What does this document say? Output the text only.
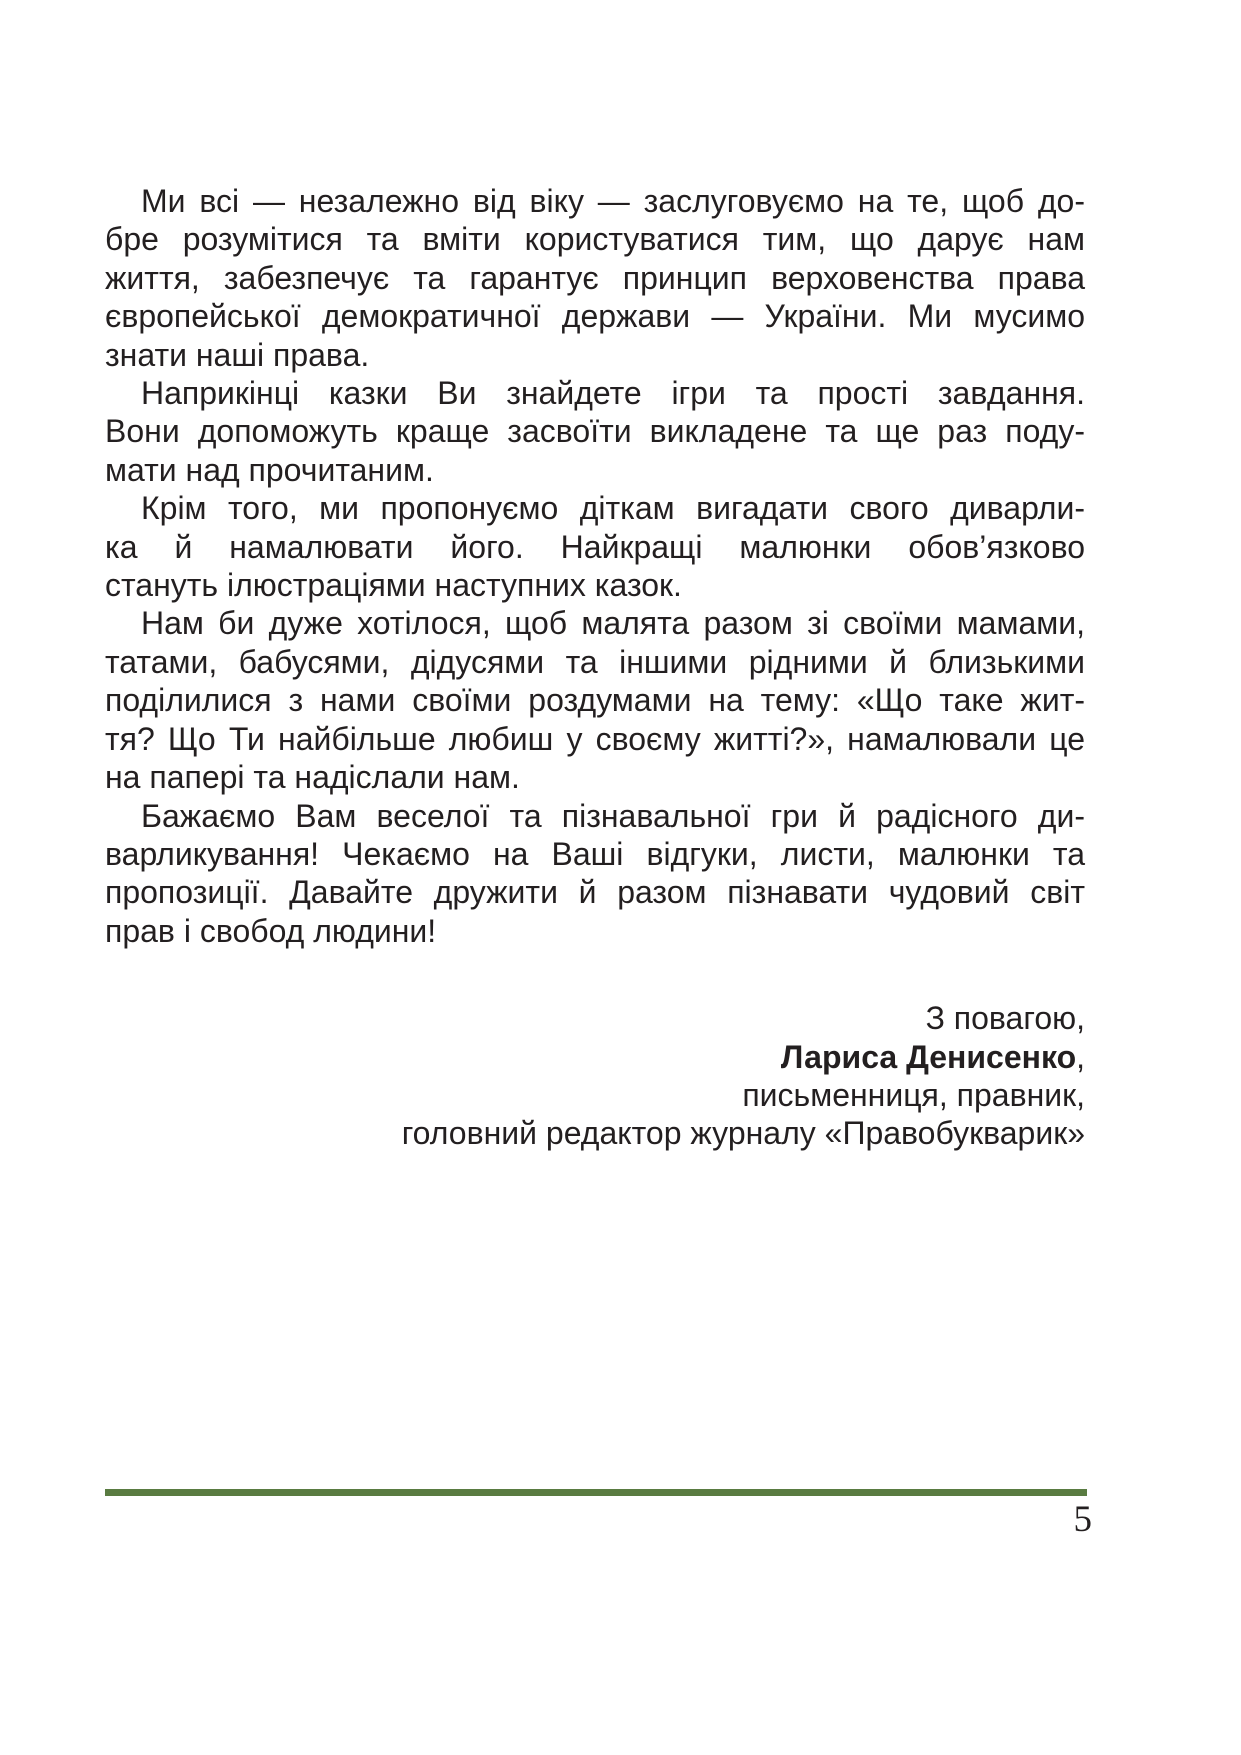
Ми всі — незалежно від віку — заслуговуємо на те, щоб до-
бре розумітися та вміти користуватися тим, що дарує нам
життя, забезпечує та гарантує принцип верховенства права
європейської демократичної держави — України. Ми мусимо
знати наші права.
Наприкінці казки Ви знайдете ігри та прості завдання.
Вони допоможуть краще засвоїти викладене та ще раз поду-
мати над прочитаним.
Крім того, ми пропонуємо діткам вигадати свого диварли-
ка й намалювати його. Найкращі малюнки обов’язково
стануть ілюстраціями наступних казок.
Нам би дуже хотілося, щоб малята разом зі своїми мамами,
татами, бабусями, дідусями та іншими рідними й близькими
поділилися з нами своїми роздумами на тему: «Що таке жит-
тя? Що Ти найбільше любиш у своєму житті?», намалювали це
на папері та надіслали нам.
Бажаємо Вам веселої та пізнавальної гри й радісного ди-
варликування! Чекаємо на Ваші відгуки, листи, малюнки та
пропозиції. Давайте дружити й разом пізнавати чудовий світ
прав і свобод людини!
З повагою,
Лариса Денисенко,
письменниця, правник,
головний редактор журналу «Правобукварик»
5
